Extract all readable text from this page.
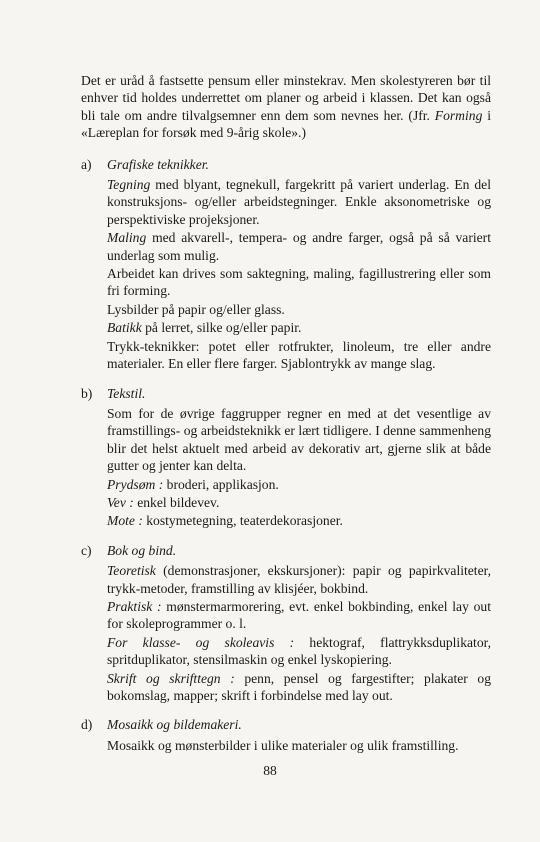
Det er uråd å fastsette pensum eller minstekrav. Men skolestyreren bør til enhver tid holdes underrettet om planer og arbeid i klassen. Det kan også bli tale om andre tilvalgsemner enn dem som nevnes her. (Jfr. Forming i «Læreplan for forsøk med 9-årig skole».)

a)	Grafiske teknikker.

Tegning med blyant, tegnekull, fargekritt på variert underlag. En del konstruksjons- og/eller arbeidstegninger. Enkle aksonometriske og perspektiviske projeksjoner.

Maling med akvarell-, tempera- og andre farger, også på så variert underlag som mulig.

Arbeidet kan drives som saktegning, maling, fagillustrering eller som fri forming.

Lysbilder på papir og/eller glass.

Batikk på lerret, silke og/eller papir.

Trykk-teknikker: potet eller rotfrukter, linoleum, tre eller andre materialer. En eller flere farger. Sjablontrykk av mange slag.

b)	Tekstil.

Som for de øvrige faggrupper regner en med at det vesentlige av framstillings- og arbeidsteknikk er lært tidligere. I denne sammenheng blir det helst aktuelt med arbeid av dekorativ art, gjerne slik at både gutter og jenter kan delta.

Prydsøm : broderi, applikasjon.

Vev : enkel bildevev.

Mote : kostymetegning, teaterdekorasjoner.

c)	Bok og bind.

Teoretisk (demonstrasjoner, ekskursjoner): papir og papirkvaliteter, trykk-metoder, framstilling av klisjéer, bokbind.

Praktisk : mønstermarmorering, evt. enkel bokbinding, enkel lay out for skoleprogrammer o. l.

For klasse- og skoleavis : hektograf, flattrykksduplikator, spritduplikator, stensilmaskin og enkel lyskopiering.

Skrift og skrifttegn : penn, pensel og fargestifter; plakater og bokomslag, mapper; skrift i forbindelse med lay out.

d)	Mosaikk og bildemakeri.

Mosaikk og mønsterbilder i ulike materialer og ulik framstilling.

88
